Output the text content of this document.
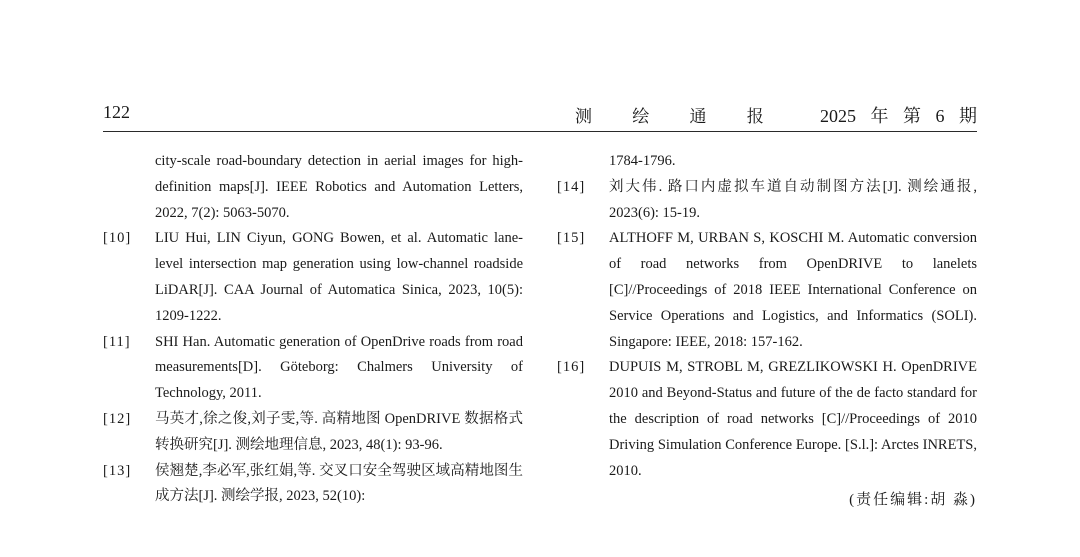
122	测 绘 通 报 2025 年 第 6 期
city-scale road-boundary detection in aerial images for high-definition maps[J]. IEEE Robotics and Automation Letters, 2022, 7(2): 5063-5070.
[10] LIU Hui, LIN Ciyun, GONG Bowen, et al. Automatic lane-level intersection map generation using low-channel roadside LiDAR[J]. CAA Journal of Automatica Sinica, 2023, 10(5): 1209-1222.
[11] SHI Han. Automatic generation of OpenDrive roads from road measurements[D]. Göteborg: Chalmers University of Technology, 2011.
[12] 马英才,徐之俊,刘子雯,等. 高精地图 OpenDRIVE 数据格式转换研究[J]. 测绘地理信息, 2023, 48(1): 93-96.
[13] 侯翘楚,李必军,张红娟,等. 交叉口安全驾驶区域高精地图生成方法[J]. 测绘学报, 2023, 52(10):
1784-1796.
[14] 刘大伟. 路口内虚拟车道自动制图方法[J]. 测绘通报, 2023(6): 15-19.
[15] ALTHOFF M, URBAN S, KOSCHI M. Automatic conversion of road networks from OpenDRIVE to lanelets [C]//Proceedings of 2018 IEEE International Conference on Service Operations and Logistics, and Informatics (SOLI). Singapore: IEEE, 2018: 157-162.
[16] DUPUIS M, STROBL M, GREZLIKOWSKI H. OpenDRIVE 2010 and Beyond-Status and future of the de facto standard for the description of road networks [C]//Proceedings of 2010 Driving Simulation Conference Europe. [S.l.]: Arctes INRETS, 2010.
(责任编辑:胡 淼)
